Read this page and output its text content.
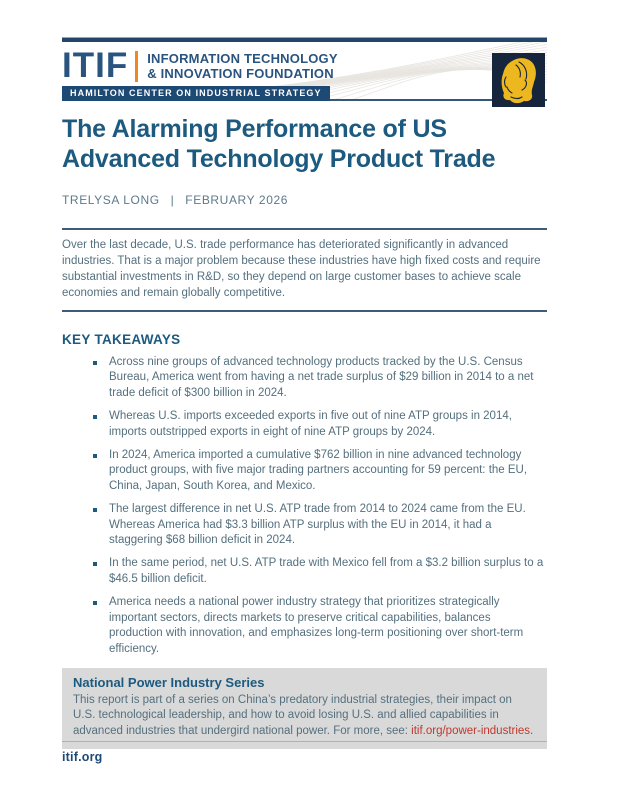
ITIF INFORMATION TECHNOLOGY
& INNOVATION FOUNDATION
HAMILTON CENTER ON INDUSTRIAL STRATEGY
The Alarming Performance of US
Advanced Technology Product Trade
TRELYSA LONG | FEBRUARY 2026

Over the last decade, U.S. trade performance has deteriorated significantly in advanced industries. That is a major problem because these industries have high fixed costs and require substantial investments in R&D, so they depend on large customer bases to achieve scale economies and remain globally competitive.

KEY TAKEAWAYS
Across nine groups of advanced technology products tracked by the U.S. Census Bureau, America went from having a net trade surplus of $29 billion in 2014 to a net trade deficit of $300 billion in 2024.
Whereas U.S. imports exceeded exports in five out of nine ATP groups in 2014, imports outstripped exports in eight of nine ATP groups by 2024.
In 2024, America imported a cumulative $762 billion in nine advanced technology product groups, with five major trading partners accounting for 59 percent: the EU, China, Japan, South Korea, and Mexico.
The largest difference in net U.S. ATP trade from 2014 to 2024 came from the EU. Whereas America had $3.3 billion ATP surplus with the EU in 2014, it had a staggering $68 billion deficit in 2024.
In the same period, net U.S. ATP trade with Mexico fell from a $3.2 billion surplus to a $46.5 billion deficit.
America needs a national power industry strategy that prioritizes strategically important sectors, directs markets to preserve critical capabilities, balances production with innovation, and emphasizes long-term positioning over short-term efficiency.
National Power Industry Series

This report is part of a series on China’s predatory industrial strategies, their impact on U.S. technological leadership, and how to avoid losing U.S. and allied capabilities in advanced industries that undergird national power. For more, see: itif.org/power-industries.

itif.org
